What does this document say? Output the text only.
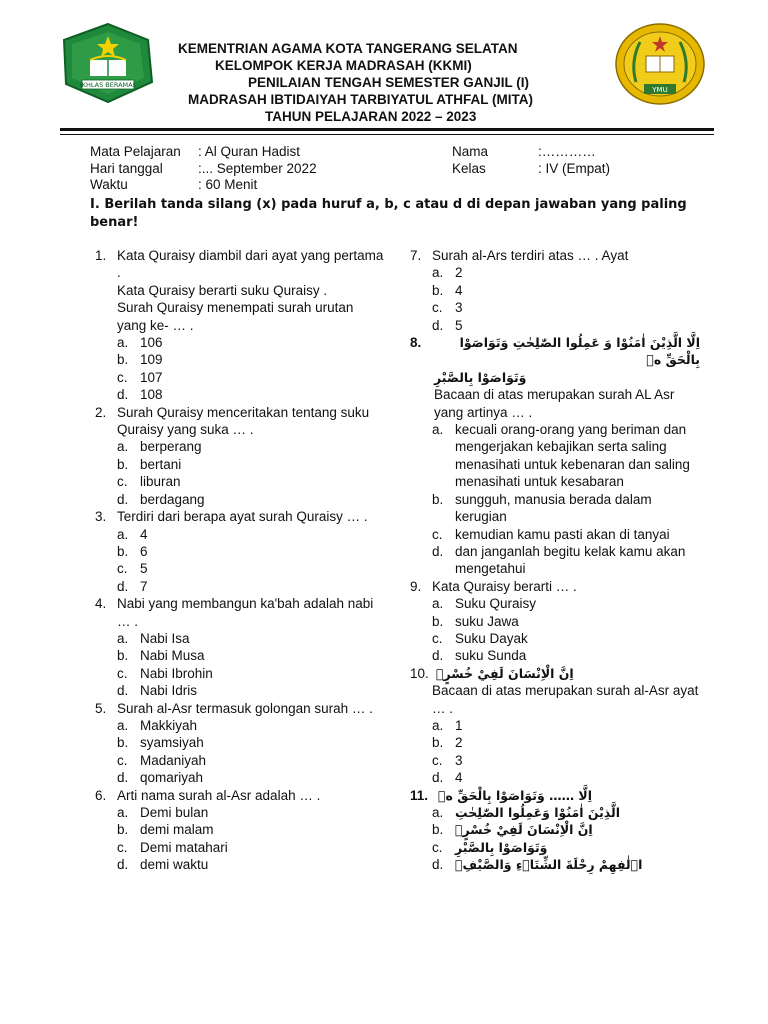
IKHLAS BERAMAL
YMU
KEMENTRIAN AGAMA KOTA TANGERANG SELATAN
KELOMPOK KERJA MADRASAH (KKMI)
PENILAIAN TENGAH SEMESTER GANJIL (I)
MADRASAH IBTIDAIYAH TARBIYATUL ATHFAL (MITA)
TAHUN PELAJARAN 2022 – 2023
Mata Pelajaran : Al Quran Hadist
Hari tanggal	:... September 2022
Waktu	: 60 Menit
Nama	:…………
Kelas	: IV (Empat)
I. Berilah tanda silang (x) pada huruf a, b, c atau d di depan jawaban yang paling benar!
1. Kata Quraisy diambil dari ayat yang pertama .
Kata Quraisy berarti suku Quraisy .
Surah Quraisy menempati surah urutan yang ke- … .
a. 106
b. 109
c. 107
d. 108
2. Surah Quraisy menceritakan tentang suku Quraisy yang suka … .
a. berperang
b. bertani
c. liburan
d. berdagang
3. Terdiri dari berapa ayat surah Quraisy … .
a. 4
b. 6
c. 5
d. 7
4. Nabi yang membangun ka'bah adalah nabi … .
a. Nabi Isa
b. Nabi Musa
c. Nabi Ibrohin
d. Nabi Idris
5. Surah al-Asr termasuk golongan surah … .
a. Makkiyah
b. syamsiyah
c. Madaniyah
d. qomariyah
6. Arti nama surah al-Asr adalah … .
a. Demi bulan
b. demi malam
c. Demi matahari
d. demi waktu
7. Surah al-Ars terdiri atas … . Ayat
a. 2
b. 4
c. 3
d. 5
8.	اِلَّا الَّذِيْنَ اٰمَنُوْا وَ عَمِلُوا الصّٰلِحٰتِ وَتَوَاصَوْا بِالْحَقِّ ەۙ
وَتَوَاصَوْا بِالصَّبْرِ
Bacaan di atas merupakan surah AL Asr yang artinya … .
a. kecuali orang-orang yang beriman dan mengerjakan kebajikan serta saling menasihati untuk kebenaran dan saling menasihati untuk kesabaran
b. sungguh, manusia berada dalam kerugian
c. kemudian kamu pasti akan di tanyai
d. dan janganlah begitu kelak kamu akan mengetahui
9. Kata Quraisy berarti … .
a. Suku Quraisy
b. suku Jawa
c. Suku Dayak
d. suku Sunda
10. اِنَّ الْاِنْسَانَ لَفِيْ خُسْرٍۙ
Bacaan di atas merupakan surah al-Asr ayat … .
a. 1
b. 2
c. 3
d. 4
11. اِلَّا …… وَتَوَاصَوْا بِالْحَقِّ ەۙ
a. الَّذِيْنَ اٰمَنُوْا وَعَمِلُوا الصّٰلِحٰتِ
b. اِنَّ الْاِنْسَانَ لَفِيْ خُسْرٍۙ
c. وَتَوَاصَوْا بِالصَّبْرِ
d. اٖلٰفِهِمْ رِحْلَةَ الشِّتَاۤءِ وَالصَّيْفِۚ
